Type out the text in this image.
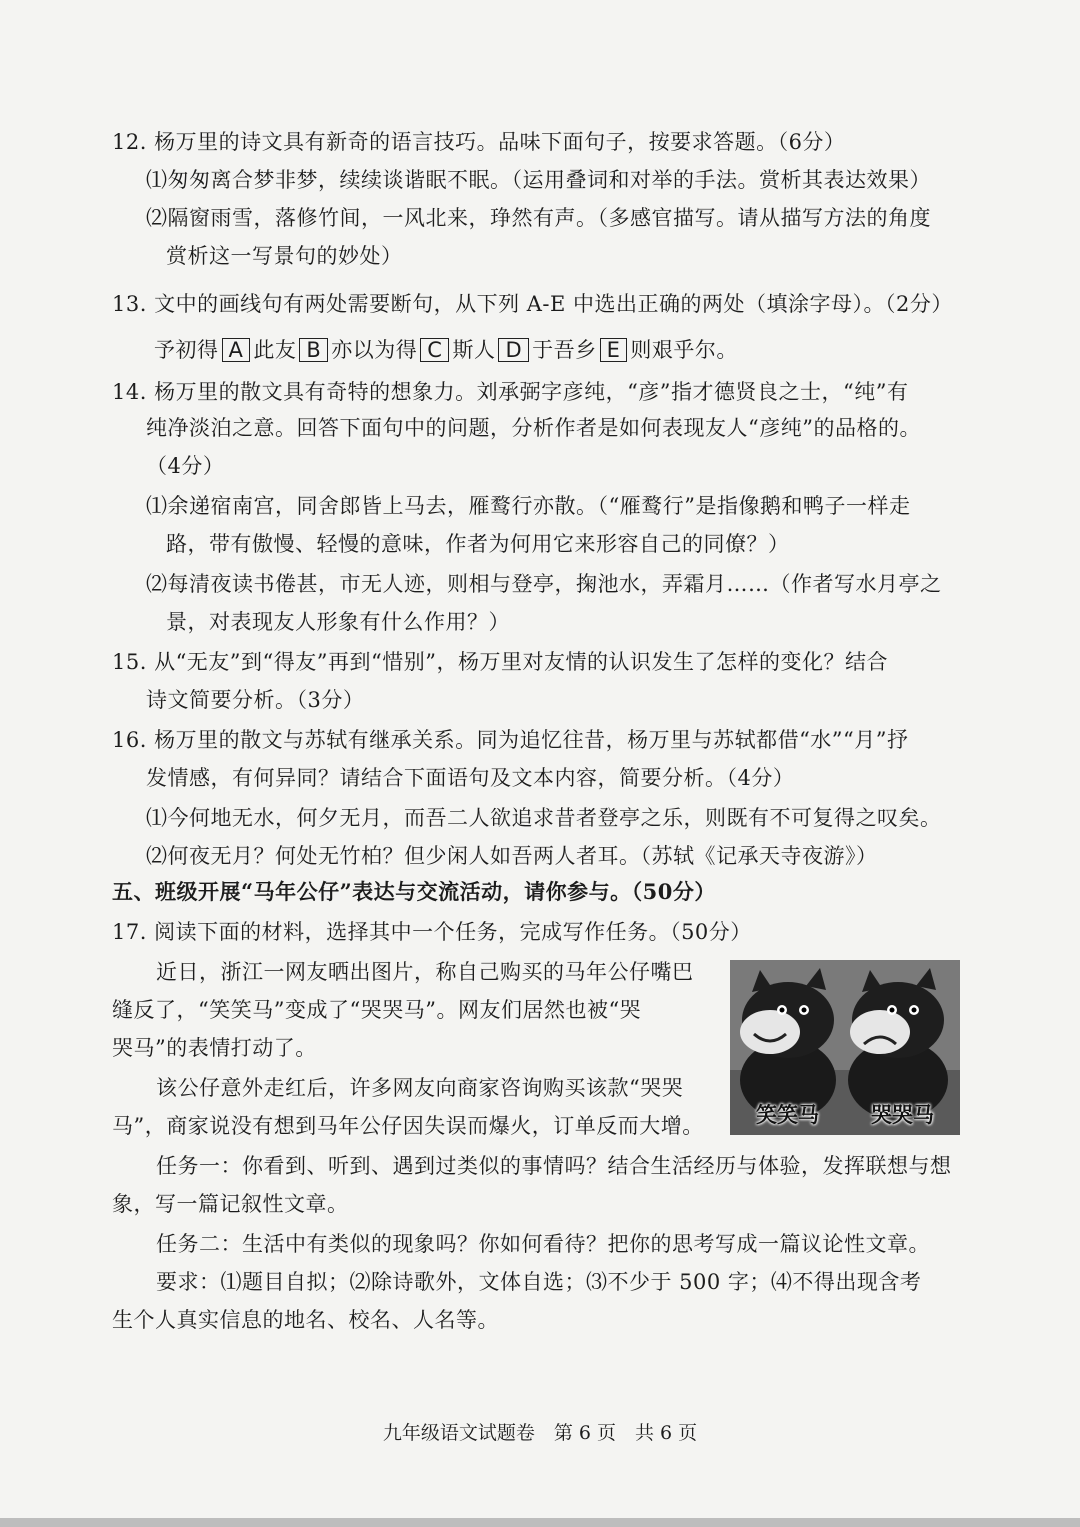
12. 杨万里的诗文具有新奇的语言技巧。品味下面句子，按要求答题。（6分）
⑴匆匆离合梦非梦，续续谈谐眠不眠。（运用叠词和对举的手法。赏析其表达效果）
⑵隔窗雨雪，落修竹间，一风北来，琤然有声。（多感官描写。请从描写方法的角度
赏析这一写景句的妙处）
13. 文中的画线句有两处需要断句，从下列 A-E 中选出正确的两处（填涂字母）。（2分）
予初得 A 此友 B 亦以为得 C 斯人 D 于吾乡 E 则艰乎尔。
14. 杨万里的散文具有奇特的想象力。刘承弼字彦纯，“彦”指才德贤良之士，“纯”有
纯净淡泊之意。回答下面句中的问题，分析作者是如何表现友人“彦纯”的品格的。
（4分）
⑴余递宿南宫，同舍郎皆上马去，雁鹜行亦散。（“雁鹜行”是指像鹅和鸭子一样走
路，带有傲慢、轻慢的意味，作者为何用它来形容自己的同僚？）
⑵每清夜读书倦甚，市无人迹，则相与登亭，掬池水，弄霜月……（作者写水月亭之
景，对表现友人形象有什么作用？）
15. 从“无友”到“得友”再到“惜别”，杨万里对友情的认识发生了怎样的变化？结合
诗文简要分析。（3分）
16. 杨万里的散文与苏轼有继承关系。同为追忆往昔，杨万里与苏轼都借“水”“月”抒
发情感，有何异同？请结合下面语句及文本内容，简要分析。（4分）
⑴今何地无水，何夕无月，而吾二人欲追求昔者登亭之乐，则既有不可复得之叹矣。
⑵何夜无月？何处无竹柏？但少闲人如吾两人者耳。（苏轼《记承天寺夜游》）
五、班级开展“马年公仔”表达与交流活动，请你参与。（50分）
17. 阅读下面的材料，选择其中一个任务，完成写作任务。（50分）
近日，浙江一网友晒出图片，称自己购买的马年公仔嘴巴
缝反了，“笑笑马”变成了“哭哭马”。网友们居然也被“哭
哭马”的表情打动了。
该公仔意外走红后，许多网友向商家咨询购买该款“哭哭
马”，商家说没有想到马年公仔因失误而爆火，订单反而大增。 笑笑马 哭哭马
任务一：你看到、听到、遇到过类似的事情吗？结合生活经历与体验，发挥联想与想
象，写一篇记叙性文章。
任务二：生活中有类似的现象吗？你如何看待？把你的思考写成一篇议论性文章。
要求：⑴题目自拟；⑵除诗歌外，文体自选；⑶不少于 500 字；⑷不得出现含考
生个人真实信息的地名、校名、人名等。
九年级语文试题卷　第 6 页　共 6 页
